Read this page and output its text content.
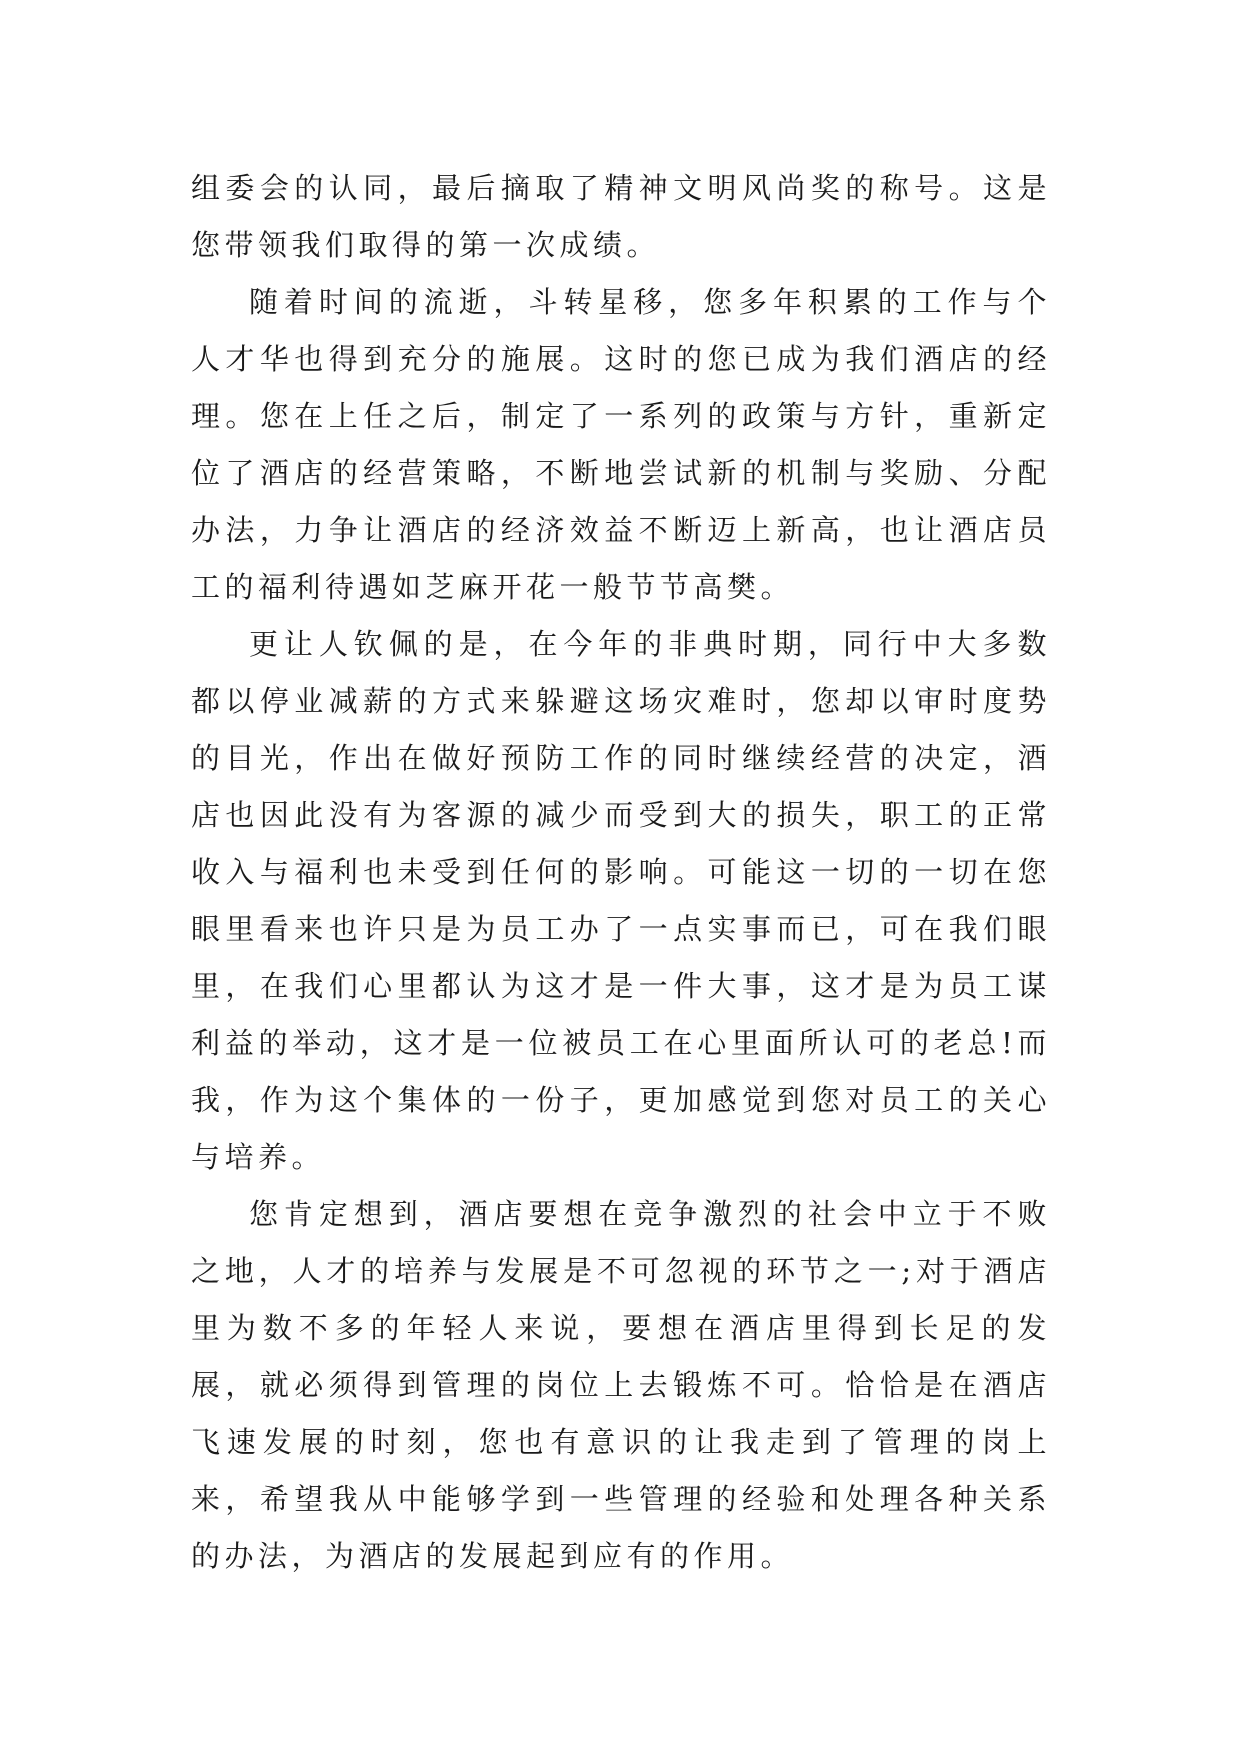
组委会的认同，最后摘取了精神文明风尚奖的称号。这是您带领我们取得的第一次成绩。

随着时间的流逝，斗转星移，您多年积累的工作与个人才华也得到充分的施展。这时的您已成为我们酒店的经理。您在上任之后，制定了一系列的政策与方针，重新定位了酒店的经营策略，不断地尝试新的机制与奖励、分配办法，力争让酒店的经济效益不断迈上新高，也让酒店员工的福利待遇如芝麻开花一般节节高樊。

更让人钦佩的是，在今年的非典时期，同行中大多数都以停业减薪的方式来躲避这场灾难时，您却以审时度势的目光，作出在做好预防工作的同时继续经营的决定，酒店也因此没有为客源的减少而受到大的损失，职工的正常收入与福利也未受到任何的影响。可能这一切的一切在您眼里看来也许只是为员工办了一点实事而已，可在我们眼里，在我们心里都认为这才是一件大事，这才是为员工谋利益的举动，这才是一位被员工在心里面所认可的老总!而我，作为这个集体的一份子，更加感觉到您对员工的关心与培养。

您肯定想到，酒店要想在竞争激烈的社会中立于不败之地，人才的培养与发展是不可忽视的环节之一;对于酒店里为数不多的年轻人来说，要想在酒店里得到长足的发展，就必须得到管理的岗位上去锻炼不可。恰恰是在酒店飞速发展的时刻，您也有意识的让我走到了管理的岗上来，希望我从中能够学到一些管理的经验和处理各种关系的办法，为酒店的发展起到应有的作用。
